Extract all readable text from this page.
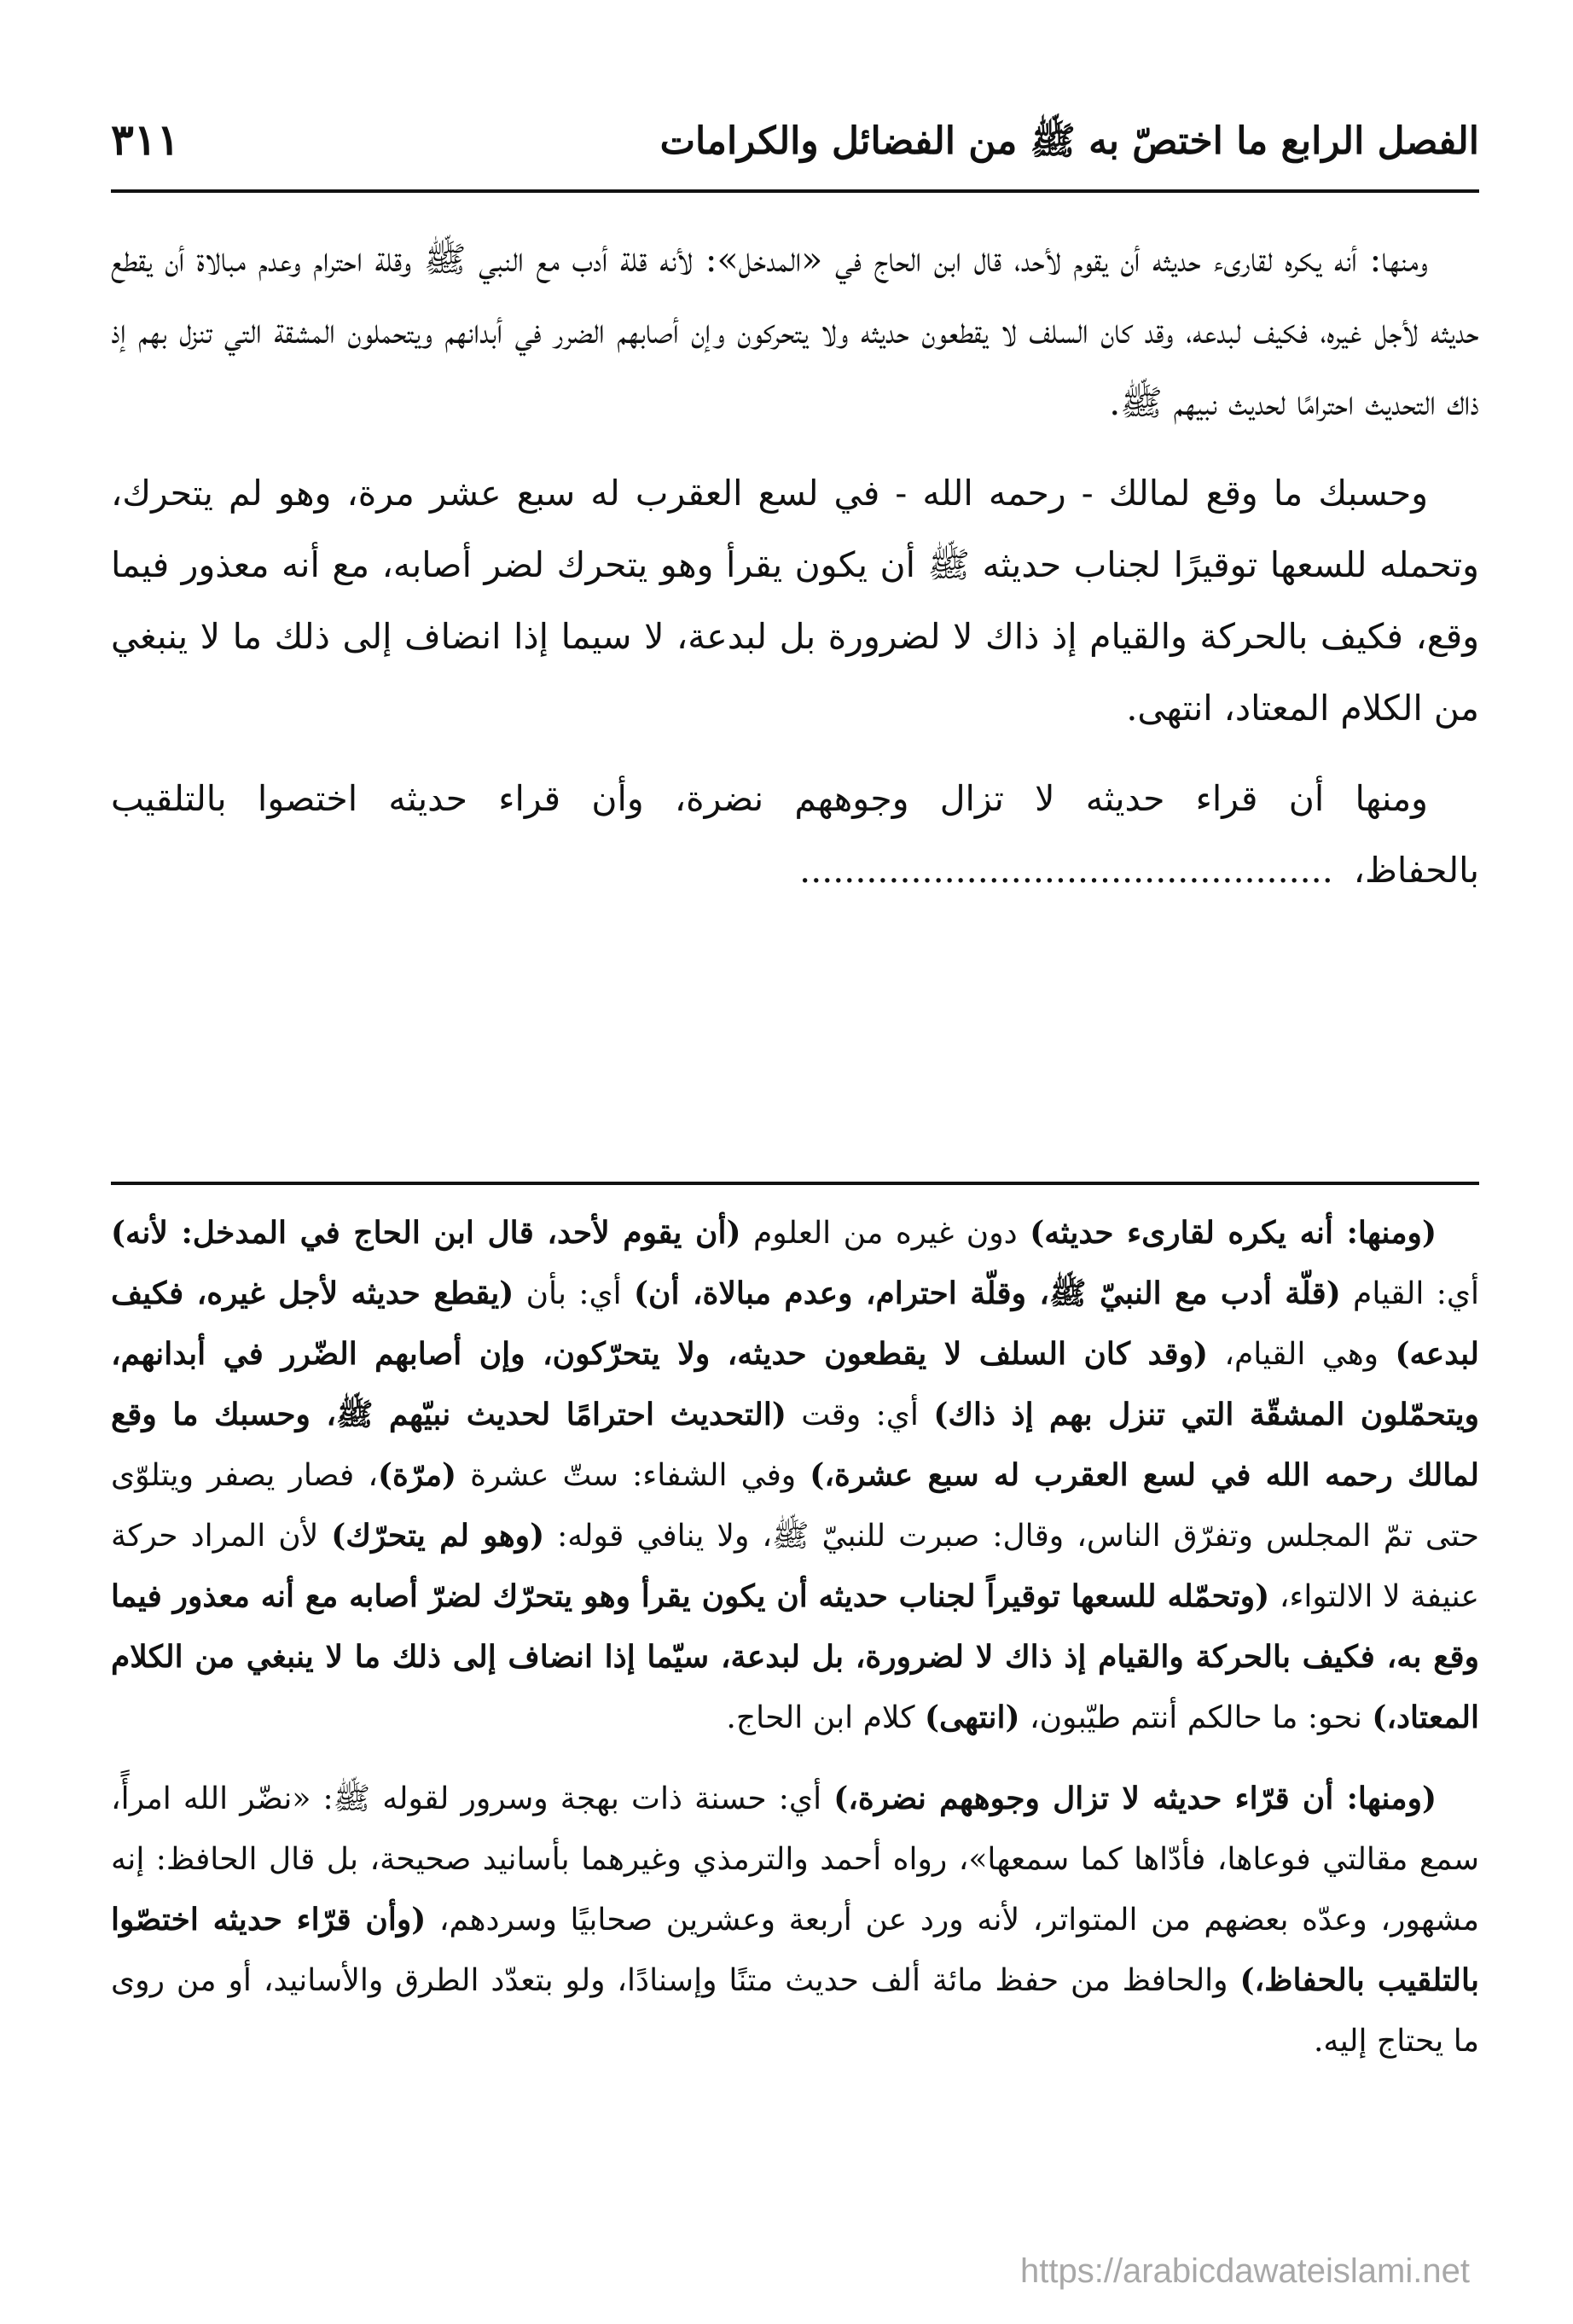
الفصل الرابع ما اختصّ به ﷺ من الفضائل والكرامات
٣١١

ومنها: أنه يكره لقارىء حديثه أن يقوم لأحد، قال ابن الحاج في «المدخل»: لأنه قلة أدب مع النبي ﷺ وقلة احترام وعدم مبالاة أن يقطع حديثه لأجل غيره، فكيف لبدعه، وقد كان السلف لا يقطعون حديثه ولا يتحركون وإن أصابهم الضرر في أبدانهم ويتحملون المشقة التي تنزل بهم إذ ذاك التحديث احترامًا لحديث نبيهم ﷺ.

وحسبك ما وقع لمالك - رحمه الله - في لسع العقرب له سبع عشر مرة، وهو لم يتحرك، وتحمله للسعها توقيرًا لجناب حديثه ﷺ أن يكون يقرأ وهو يتحرك لضر أصابه، مع أنه معذور فيما وقع، فكيف بالحركة والقيام إذ ذاك لا لضرورة بل لبدعة، لا سيما إذا انضاف إلى ذلك ما لا ينبغي من الكلام المعتاد، انتهى.

ومنها أن قراء حديثه لا تزال وجوههم نضرة، وأن قراء حديثه اختصوا بالتلقيب بالحفاظ،................................................

(ومنها: أنه يكره لقارىء حديثه) دون غيره من العلوم (أن يقوم لأحد، قال ابن الحاج في المدخل: لأنه) أي: القيام (قلّة أدب مع النبيّ ﷺ، وقلّة احترام، وعدم مبالاة، أن) أي: بأن (يقطع حديثه لأجل غيره، فكيف لبدعه) وهي القيام، (وقد كان السلف لا يقطعون حديثه، ولا يتحرّكون، وإن أصابهم الضّرر في أبدانهم، ويتحمّلون المشقّة التي تنزل بهم إذ ذاك) أي: وقت (التحديث احترامًا لحديث نبيّهم ﷺ، وحسبك ما وقع لمالك رحمه الله في لسع العقرب له سبع عشرة،) وفي الشفاء: ستّ عشرة (مرّة)، فصار يصفر ويتلوّى حتى تمّ المجلس وتفرّق الناس، وقال: صبرت للنبيّ ﷺ، ولا ينافي قوله: (وهو لم يتحرّك) لأن المراد حركة عنيفة لا الالتواء، (وتحمّله للسعها توقيراً لجناب حديثه أن يكون يقرأ وهو يتحرّك لضرّ أصابه مع أنه معذور فيما وقع به، فكيف بالحركة والقيام إذ ذاك لا لضرورة، بل لبدعة، سيّما إذا انضاف إلى ذلك ما لا ينبغي من الكلام المعتاد،) نحو: ما حالكم أنتم طيّبون، (انتهى) كلام ابن الحاج.

(ومنها: أن قرّاء حديثه لا تزال وجوههم نضرة،) أي: حسنة ذات بهجة وسرور لقوله ﷺ: «نضّر الله امرأً، سمع مقالتي فوعاها، فأدّاها كما سمعها»، رواه أحمد والترمذي وغيرهما بأسانيد صحيحة، بل قال الحافظ: إنه مشهور، وعدّه بعضهم من المتواتر، لأنه ورد عن أربعة وعشرين صحابيًا وسردهم، (وأن قرّاء حديثه اختصّوا بالتلقيب بالحفاظ،) والحافظ من حفظ مائة ألف حديث متنًا وإسنادًا، ولو بتعدّد الطرق والأسانيد، أو من روى ما يحتاج إليه.

https://arabicdawateislami.net
